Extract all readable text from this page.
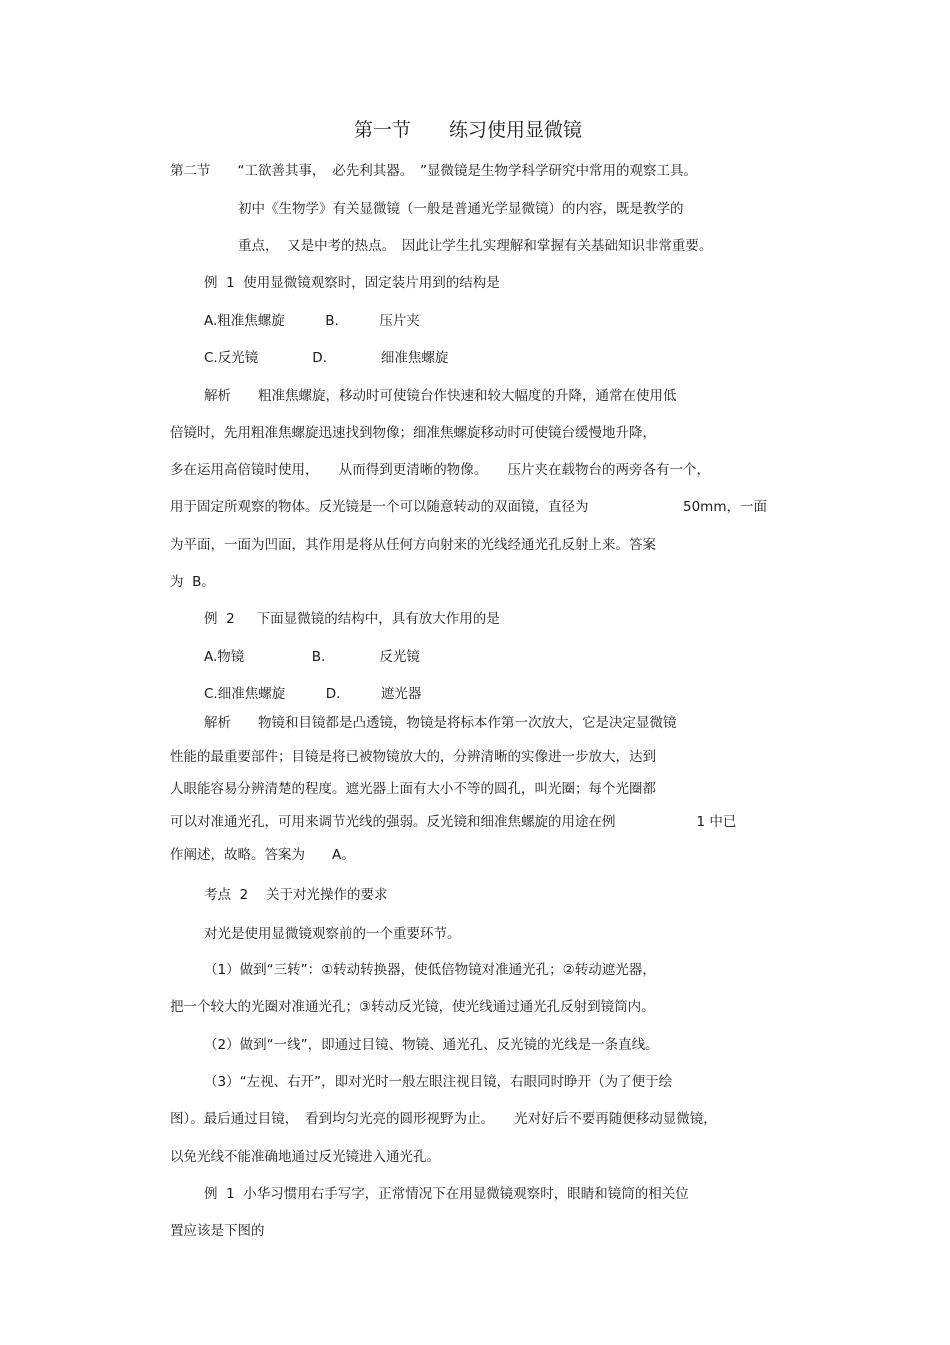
第一节　　练习使用显微镜
第二节　　“工欲善其事，　必先利其器。　”显微镜是生物学科学研究中常用的观察工具。
初中《生物学》有关显微镜（一般是普通光学显微镜）的内容，既是教学的
重点，  又是中考的热点。　因此让学生扎实理解和掌握有关基础知识非常重要。
例  1  使用显微镜观察时，固定装片用到的结构是
A.粗准焦螺旋　　　B.　　　压片夹
C.反光镜　　　　D.　　　　细准焦螺旋
解析　　粗准焦螺旋，移动时可使镜台作快速和较大幅度的升降，通常在使用低
倍镜时，先用粗准焦螺旋迅速找到物像；细准焦螺旋移动时可使镜台缓慢地升降，
多在运用高倍镜时使用，　　从而得到更清晰的物像。　　压片夹在载物台的两旁各有一个，
用于固定所观察的物体。反光镜是一个可以随意转动的双面镜，直径为　　　　　　　50mm，一面
为平面，一面为凹面，其作用是将从任何方向射来的光线经通光孔反射上来。答案
为  B。
例  2　  下面显微镜的结构中，具有放大作用的是
A.物镜　　　　　B.　　　　反光镜
C.细准焦螺旋　　　D.　　　遮光器
解析　　物镜和目镜都是凸透镜，物镜是将标本作第一次放大，它是决定显微镜
性能的最重要部件；目镜是将已被物镜放大的，分辨清晰的实像进一步放大，达到
人眼能容易分辨清楚的程度。遮光器上面有大小不等的圆孔，叫光圈；每个光圈都
可以对准通光孔，可用来调节光线的强弱。反光镜和细准焦螺旋的用途在例　　　　　　1 中已
作阐述，故略。答案为　　A。
考点  2　 关于对光操作的要求
对光是使用显微镜观察前的一个重要环节。
（1）做到“三转”：①转动转换器，使低倍物镜对准通光孔；②转动遮光器，
把一个较大的光圈对准通光孔；③转动反光镜，使光线通过通光孔反射到镜筒内。
（2）做到“一线”，即通过目镜、物镜、通光孔、反光镜的光线是一条直线。
（3）“左视、右开”，即对光时一般左眼注视目镜，右眼同时睁开（为了便于绘
图）。最后通过目镜，　看到均匀光亮的圆形视野为止。　　光对好后不要再随便移动显微镜，
以免光线不能准确地通过反光镜进入通光孔。
例  1  小华习惯用右手写字，正常情况下在用显微镜观察时，眼睛和镜筒的相关位
置应该是下图的
